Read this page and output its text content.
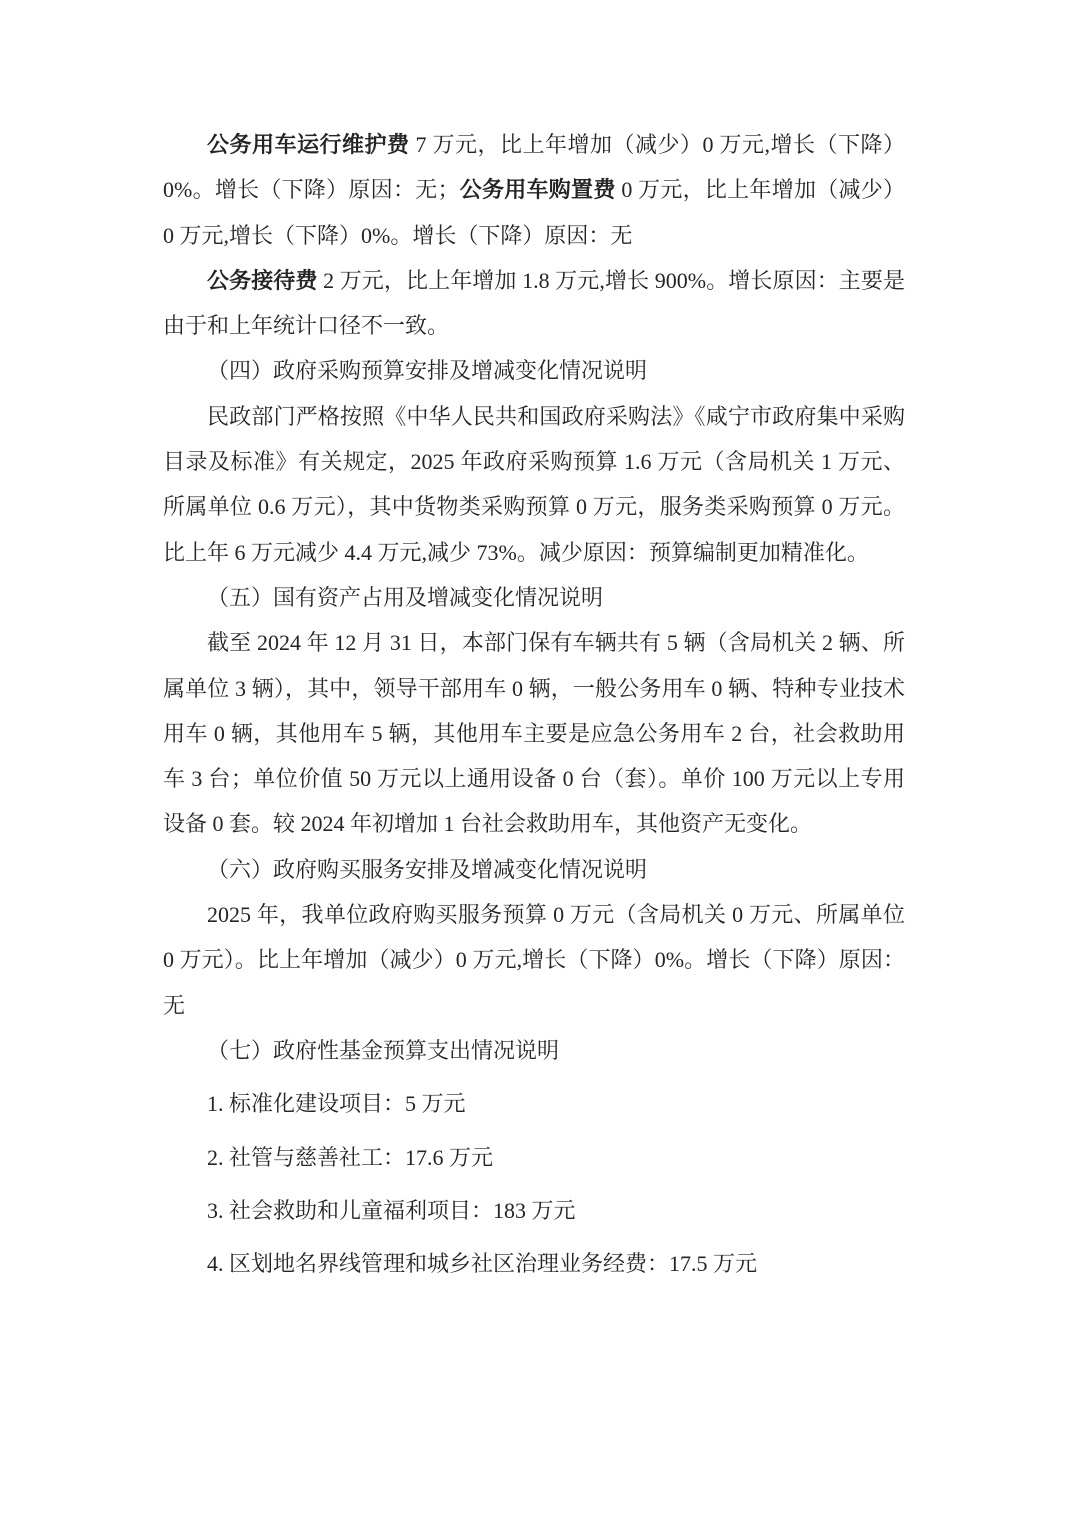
公务用车运行维护费 7 万元，比上年增加（减少）0 万元,增长（下降）0%。增长（下降）原因：无；公务用车购置费 0 万元，比上年增加（减少）0 万元,增长（下降）0%。增长（下降）原因：无

公务接待费 2 万元，比上年增加 1.8 万元,增长 900%。增长原因：主要是由于和上年统计口径不一致。

（四）政府采购预算安排及增减变化情况说明

民政部门严格按照《中华人民共和国政府采购法》《咸宁市政府集中采购目录及标准》有关规定，2025 年政府采购预算 1.6 万元（含局机关 1 万元、所属单位 0.6 万元），其中货物类采购预算 0 万元，服务类采购预算 0 万元。比上年 6 万元减少 4.4 万元,减少 73%。减少原因：预算编制更加精准化。

（五）国有资产占用及增减变化情况说明

截至 2024 年 12 月 31 日，本部门保有车辆共有 5 辆（含局机关 2 辆、所属单位 3 辆），其中，领导干部用车 0 辆，一般公务用车 0 辆、特种专业技术用车 0 辆，其他用车 5 辆，其他用车主要是应急公务用车 2 台，社会救助用车 3 台；单位价值 50 万元以上通用设备 0 台（套）。单价 100 万元以上专用设备 0 套。较 2024 年初增加 1 台社会救助用车，其他资产无变化。

（六）政府购买服务安排及增减变化情况说明

2025 年，我单位政府购买服务预算 0 万元（含局机关 0 万元、所属单位 0 万元）。比上年增加（减少）0 万元,增长（下降）0%。增长（下降）原因：无

（七）政府性基金预算支出情况说明

1. 标准化建设项目：5 万元

2. 社管与慈善社工：17.6 万元

3. 社会救助和儿童福利项目：183 万元

4. 区划地名界线管理和城乡社区治理业务经费：17.5 万元
